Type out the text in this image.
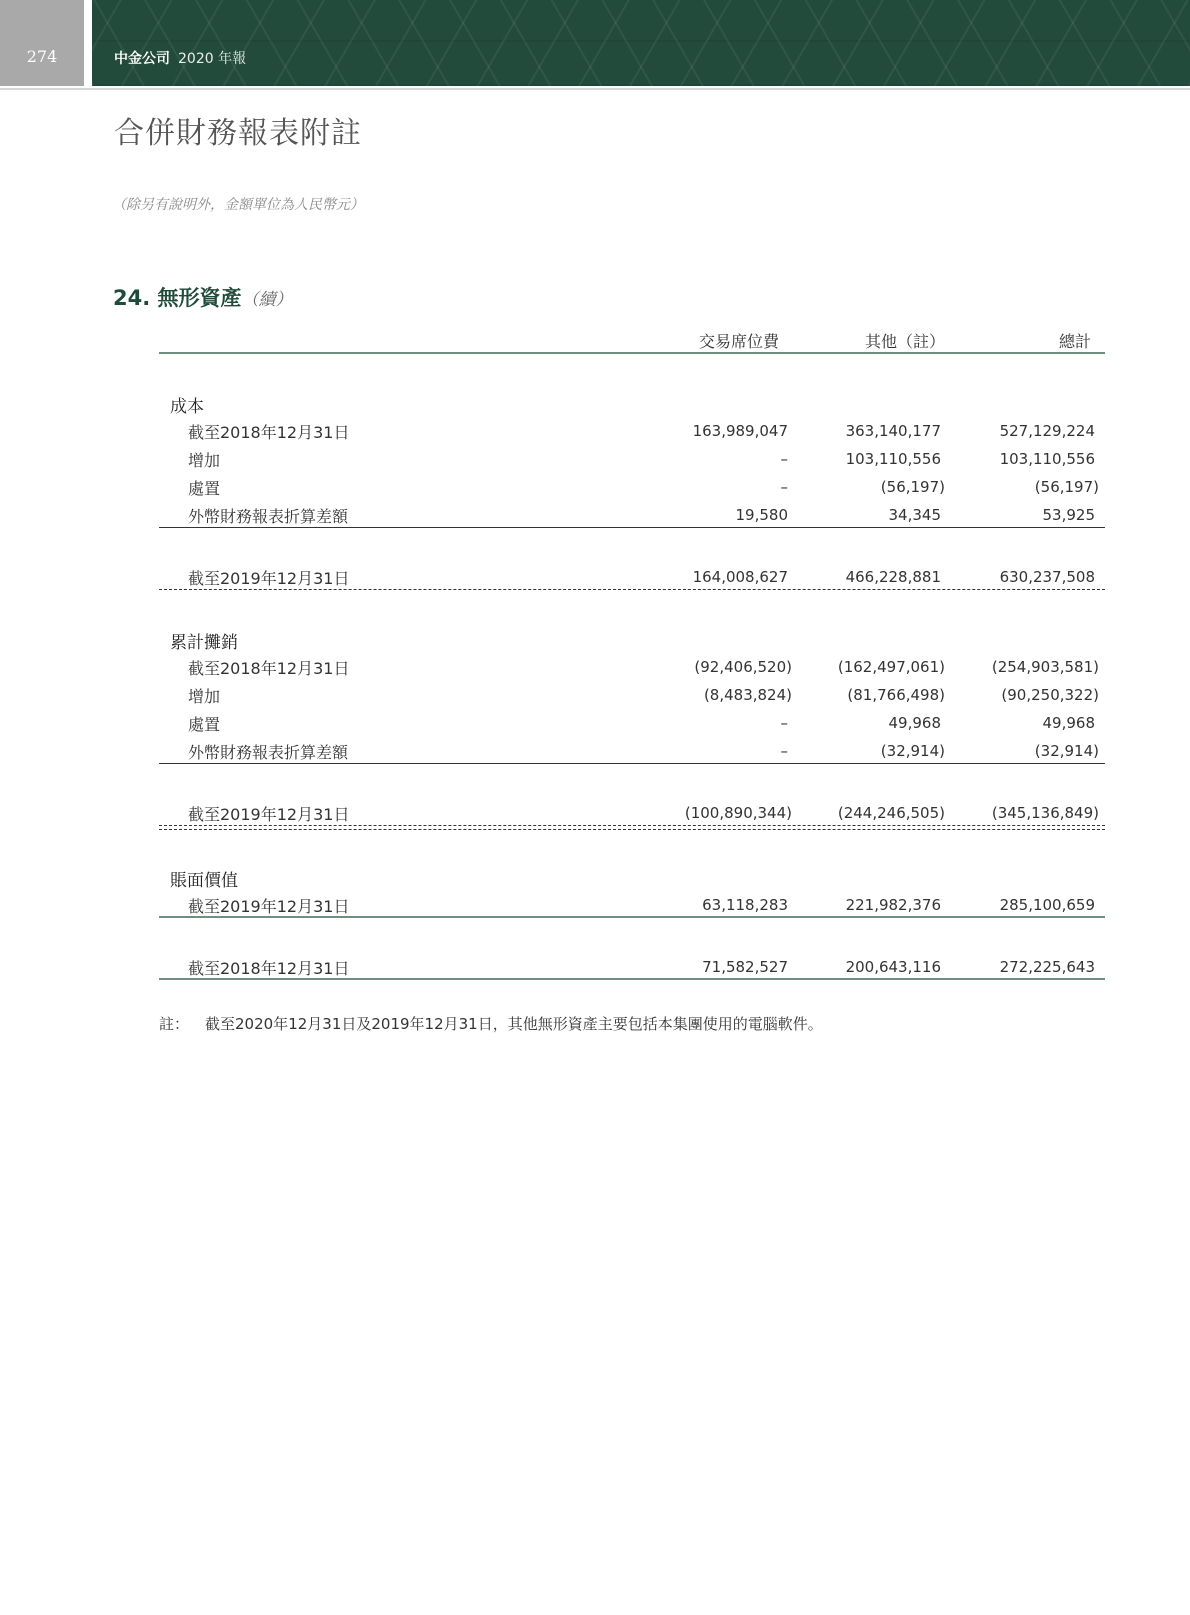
274	中金公司 2020 年報
合併財務報表附註
（除另有說明外，金額單位為人民幣元）
24. 無形資產（續）
交易席位費	其他（註）	總計
成本
截至2018年12月31日	163,989,047	363,140,177	527,129,224
增加	–	103,110,556	103,110,556
處置	–	(56,197)	(56,197)
外幣財務報表折算差額	19,580	34,345	53,925
截至2019年12月31日	164,008,627	466,228,881	630,237,508
累計攤銷
截至2018年12月31日	(92,406,520)	(162,497,061)	(254,903,581)
增加	(8,483,824)	(81,766,498)	(90,250,322)
處置	–	49,968	49,968
外幣財務報表折算差額	–	(32,914)	(32,914)
截至2019年12月31日	(100,890,344)	(244,246,505)	(345,136,849)
賬面價值
截至2019年12月31日	63,118,283	221,982,376	285,100,659
截至2018年12月31日	71,582,527	200,643,116	272,225,643
註： 截至2020年12月31日及2019年12月31日，其他無形資產主要包括本集團使用的電腦軟件。
